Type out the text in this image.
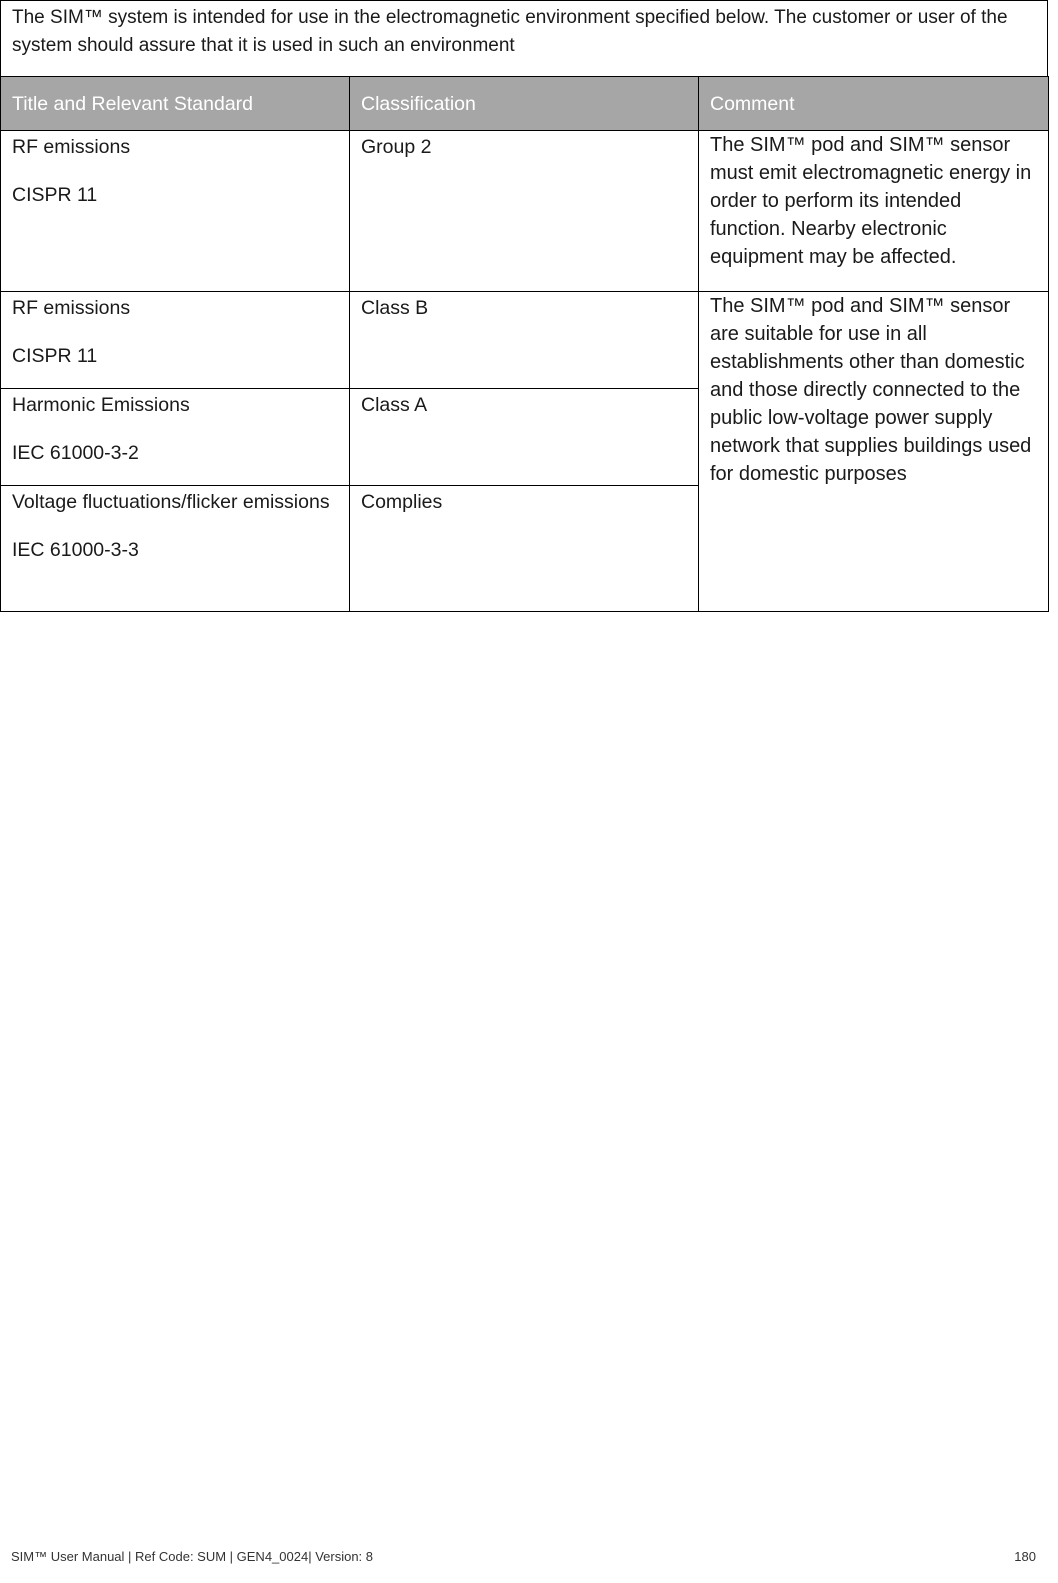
The SIM™ system is intended for use in the electromagnetic environment specified below. The customer or user of the system should assure that it is used in such an environment
Title and Relevant Standard	Classification	Comment

RF emissions

CISPR 11	Group 2	The SIM™ pod and SIM™ sensor must emit electromagnetic energy in order to perform its intended function. Nearby electronic equipment may be affected.

RF emissions

CISPR 11	Class B	The SIM™ pod and SIM™ sensor are suitable for use in all establishments other than domestic and those directly connected to the public low-voltage power supply network that supplies buildings used for domestic purposes

Harmonic Emissions

IEC 61000-3-2	Class A	

Voltage fluctuations/flicker emissions

IEC 61000-3-3	Complies	

SIM™ User Manual | Ref Code: SUM | GEN4_0024| Version: 8	180
